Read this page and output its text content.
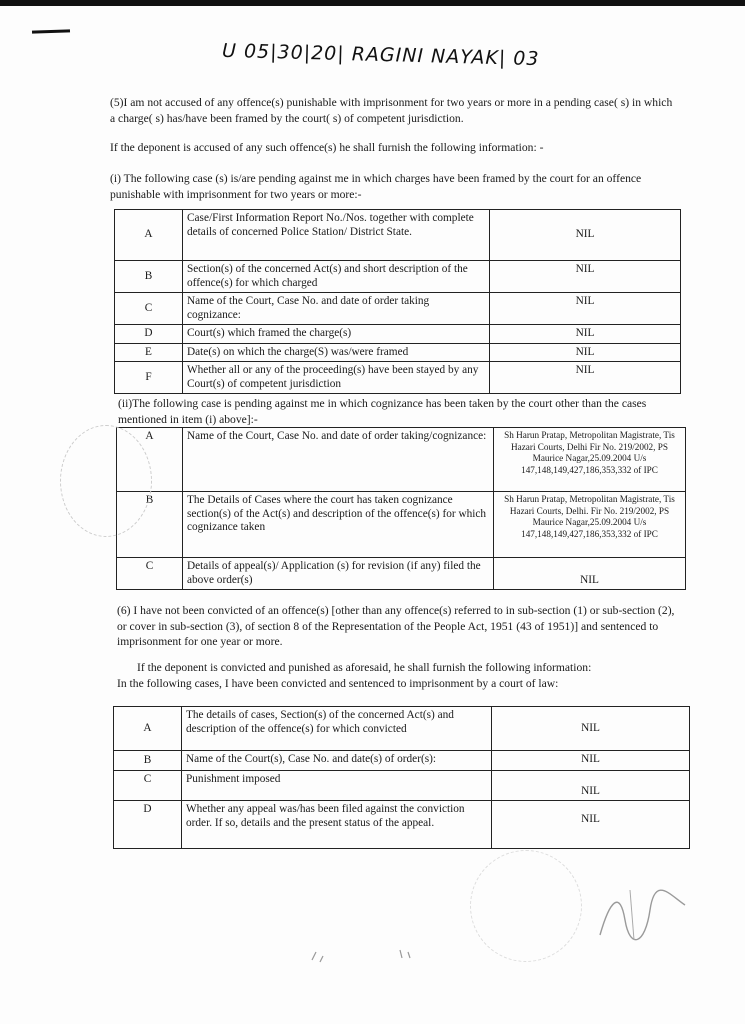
U 05|30|20| RAGINI NAYAK| 03
(5)I am not accused of any offence(s) punishable with imprisonment for two years or more in a pending case( s) in which a charge( s) has/have been framed by the court( s) of competent jurisdiction.
If the deponent is accused of any such offence(s) he shall furnish the following information: -
(i) The following case (s) is/are pending against me in which charges have been framed by the court for an offence punishable with imprisonment for two years or more:-
A	Case/First Information Report No./Nos. together with complete details of concerned Police Station/ District State.	NIL
B	Section(s) of the concerned Act(s) and short description of the offence(s) for which charged	NIL
C	Name of the Court, Case No. and date of order taking cognizance:	NIL
D	Court(s) which framed the charge(s)	NIL
E	Date(s) on which the charge(S) was/were framed	NIL
F	Whether all or any of the proceeding(s) have been stayed by any Court(s) of competent jurisdiction	NIL
(ii)The following case is pending against me in which cognizance has been taken by the court other than the cases mentioned in item (i) above]:-
A	Name of the Court, Case No. and date of order taking/cognizance:	Sh Harun Pratap, Metropolitan Magistrate, Tis Hazari Courts, Delhi Fir No. 219/2002, PS Maurice Nagar,25.09.2004 U/s 147,148,149,427,186,353,332 of IPC
B	The Details of Cases where the court has taken cognizance section(s) of the Act(s) and description of the offence(s) for which cognizance taken	Sh Harun Pratap, Metropolitan Magistrate, Tis Hazari Courts, Delhi. Fir No. 219/2002, PS Maurice Nagar,25.09.2004 U/s 147,148,149,427,186,353,332 of IPC
C	Details of appeal(s)/ Application (s) for revision (if any) filed the above order(s)	NIL
(6) I have not been convicted of an offence(s) [other than any offence(s) referred to in sub-section (1) or sub-section (2), or cover in sub-section (3), of section 8 of the Representation of the People Act, 1951 (43 of 1951)] and sentenced to imprisonment for one year or more.
If the deponent is convicted and punished as aforesaid, he shall furnish the following information:
In the following cases, I have been convicted and sentenced to imprisonment by a court of law:
A	The details of cases, Section(s) of the concerned Act(s) and description of the offence(s) for which convicted	NIL
B	Name of the Court(s), Case No. and date(s) of order(s):	NIL
C	Punishment imposed	NIL
D	Whether any appeal was/has been filed against the conviction order. If so, details and the present status of the appeal.	NIL
